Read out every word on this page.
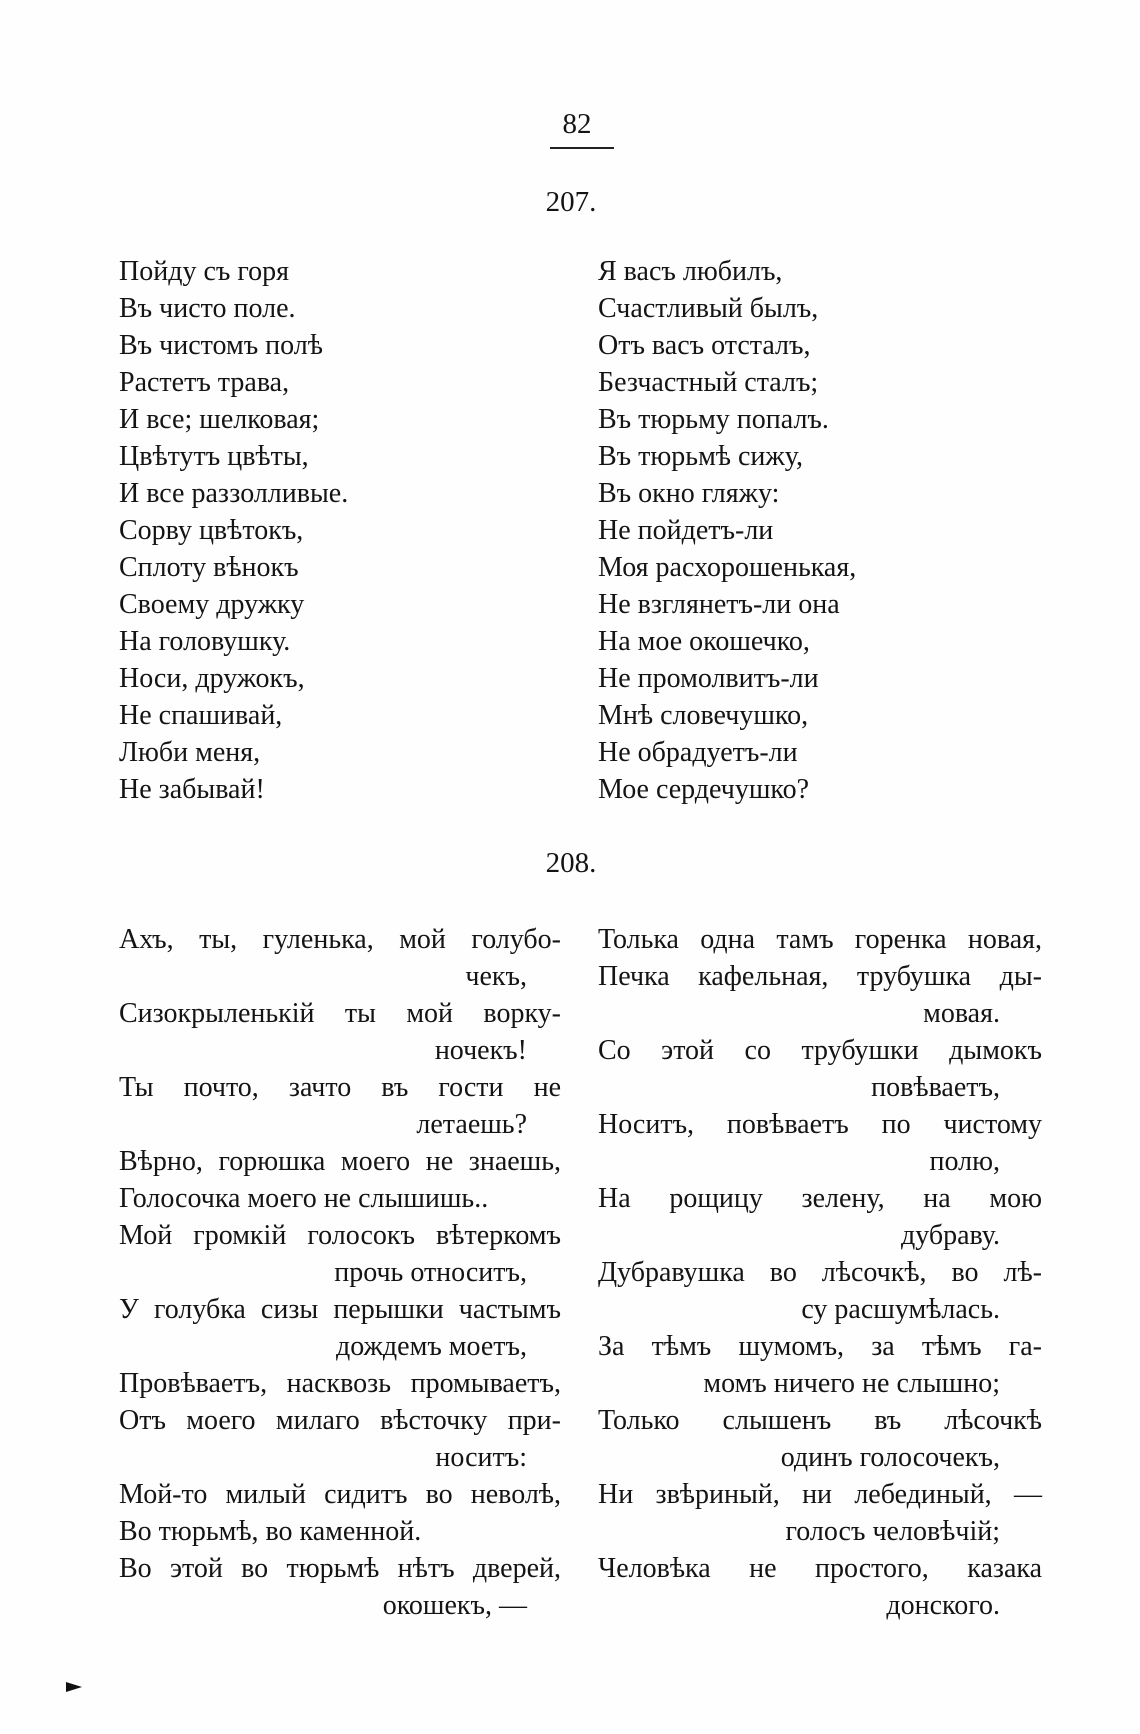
82
207.
Пойду съ горя
Въ чисто поле.
Въ чистомъ полѣ
Растетъ трава,
И все; шелковая;
Цвѣтутъ цвѣты,
И все раззолливые.
Сорву цвѣтокъ,
Сплоту вѣнокъ
Своему дружку
На головушку.
Носи, дружокъ,
Не спашивай,
Люби меня,
Не забывай!
Я васъ любилъ,
Счастливый былъ,
Отъ васъ отсталъ,
Безчастный сталъ;
Въ тюрьму попалъ.
Въ тюрьмѣ сижу,
Въ окно гляжу:
Не пойдетъ-ли
Моя расхорошенькая,
Не взглянетъ-ли она
На мое окошечко,
Не промолвитъ-ли
Мнѣ словечушко,
Не обрадуетъ-ли
Мое сердечушко?
208.
Ахъ, ты, гуленька, мой голубо-
чекъ,
Сизокрыленькій ты мой ворку-
ночекъ!
Ты почто, зачто въ гости не
летаешь?
Вѣрно, горюшка моего не знаешь,
Голосочка моего не слышишь..
Мой громкій голосокъ вѣтеркомъ
прочь относитъ,
У голубка сизы перышки частымъ
дождемъ моетъ,
Провѣваетъ, насквозь промываетъ,
Отъ моего милаго вѣсточку при-
носитъ:
Мой-то милый сидитъ во неволѣ,
Во тюрьмѣ, во каменной.
Во этой во тюрьмѣ нѣтъ дверей,
окошекъ, —
Толька одна тамъ горенка новая,
Печка кафельная, трубушка ды-
мовая.
Со этой со трубушки дымокъ
повѣваетъ,
Носитъ, повѣваетъ по чистому
полю,
На рощицу зелену, на мою
дубраву.
Дубравушка во лѣсочкѣ, во лѣ-
су расшумѣлась.
За тѣмъ шумомъ, за тѣмъ га-
момъ ничего не слышно;
Только слышенъ въ лѣсочкѣ
одинъ голосочекъ,
Ни звѣриный, ни лебединый, —
голосъ человѣчій;
Человѣка не простого, казака
донского.
